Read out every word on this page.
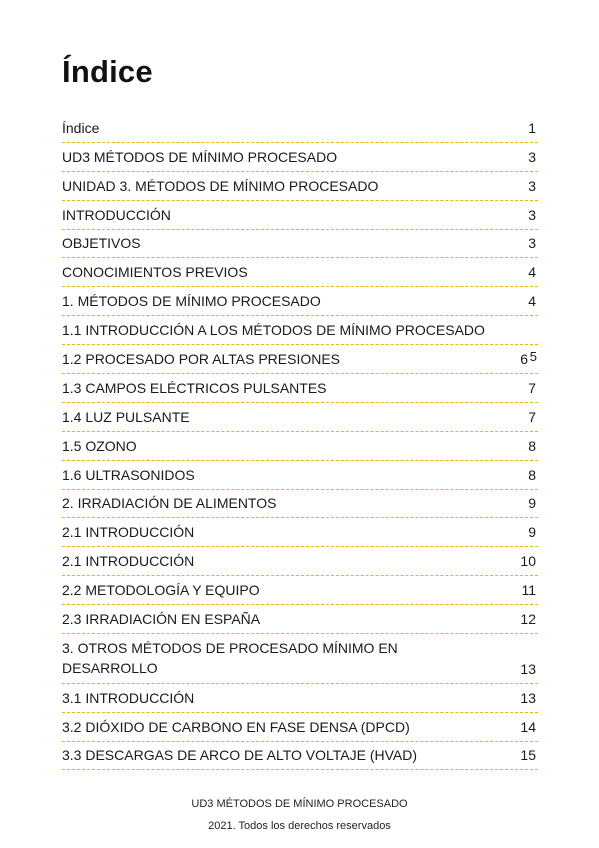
Índice
Índice	1
UD3 MÉTODOS DE MÍNIMO PROCESADO	3
UNIDAD 3. MÉTODOS DE MÍNIMO PROCESADO	3
INTRODUCCIÓN	3
OBJETIVOS	3
CONOCIMIENTOS PREVIOS	4
1. MÉTODOS DE MÍNIMO PROCESADO	4
1.1 INTRODUCCIÓN A LOS MÉTODOS DE MÍNIMO PROCESADO
1.2 PROCESADO POR ALTAS PRESIONES	6 5
1.3 CAMPOS ELÉCTRICOS PULSANTES	7
1.4 LUZ PULSANTE	7
1.5 OZONO	8
1.6 ULTRASONIDOS	8
2. IRRADIACIÓN DE ALIMENTOS	9
2.1 INTRODUCCIÓN	9
2.1 INTRODUCCIÓN	10
2.2 METODOLOGÍA Y EQUIPO	11
2.3 IRRADIACIÓN EN ESPAÑA	12
3. OTROS MÉTODOS DE PROCESADO MÍNIMO EN DESARROLLO	13
3.1 INTRODUCCIÓN	13
3.2 DIÓXIDO DE CARBONO EN FASE DENSA (DPCD)	14
3.3 DESCARGAS DE ARCO DE ALTO VOLTAJE (HVAD)	15
UD3 MÉTODOS DE MÍNIMO PROCESADO
2021. Todos los derechos reservados
